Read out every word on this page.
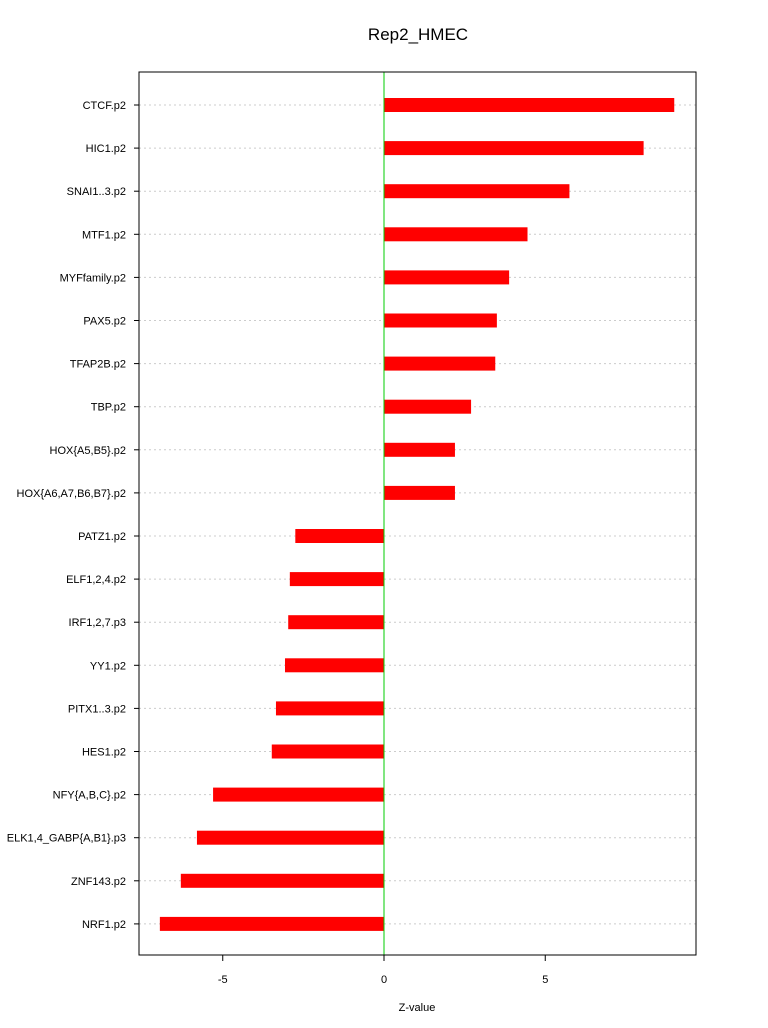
Rep2_HMEC
CTCF.p2
HIC1.p2
SNAI1..3.p2
MTF1.p2
MYFfamily.p2
PAX5.p2
TFAP2B.p2
TBP.p2
HOX{A5,B5}.p2
HOX{A6,A7,B6,B7}.p2
PATZ1.p2
ELF1,2,4.p2
IRF1,2,7.p3
YY1.p2
PITX1..3.p2
HES1.p2
NFY{A,B,C}.p2
ELK1,4_GABP{A,B1}.p3
ZNF143.p2
NRF1.p2
-5	0	5
Z-value
